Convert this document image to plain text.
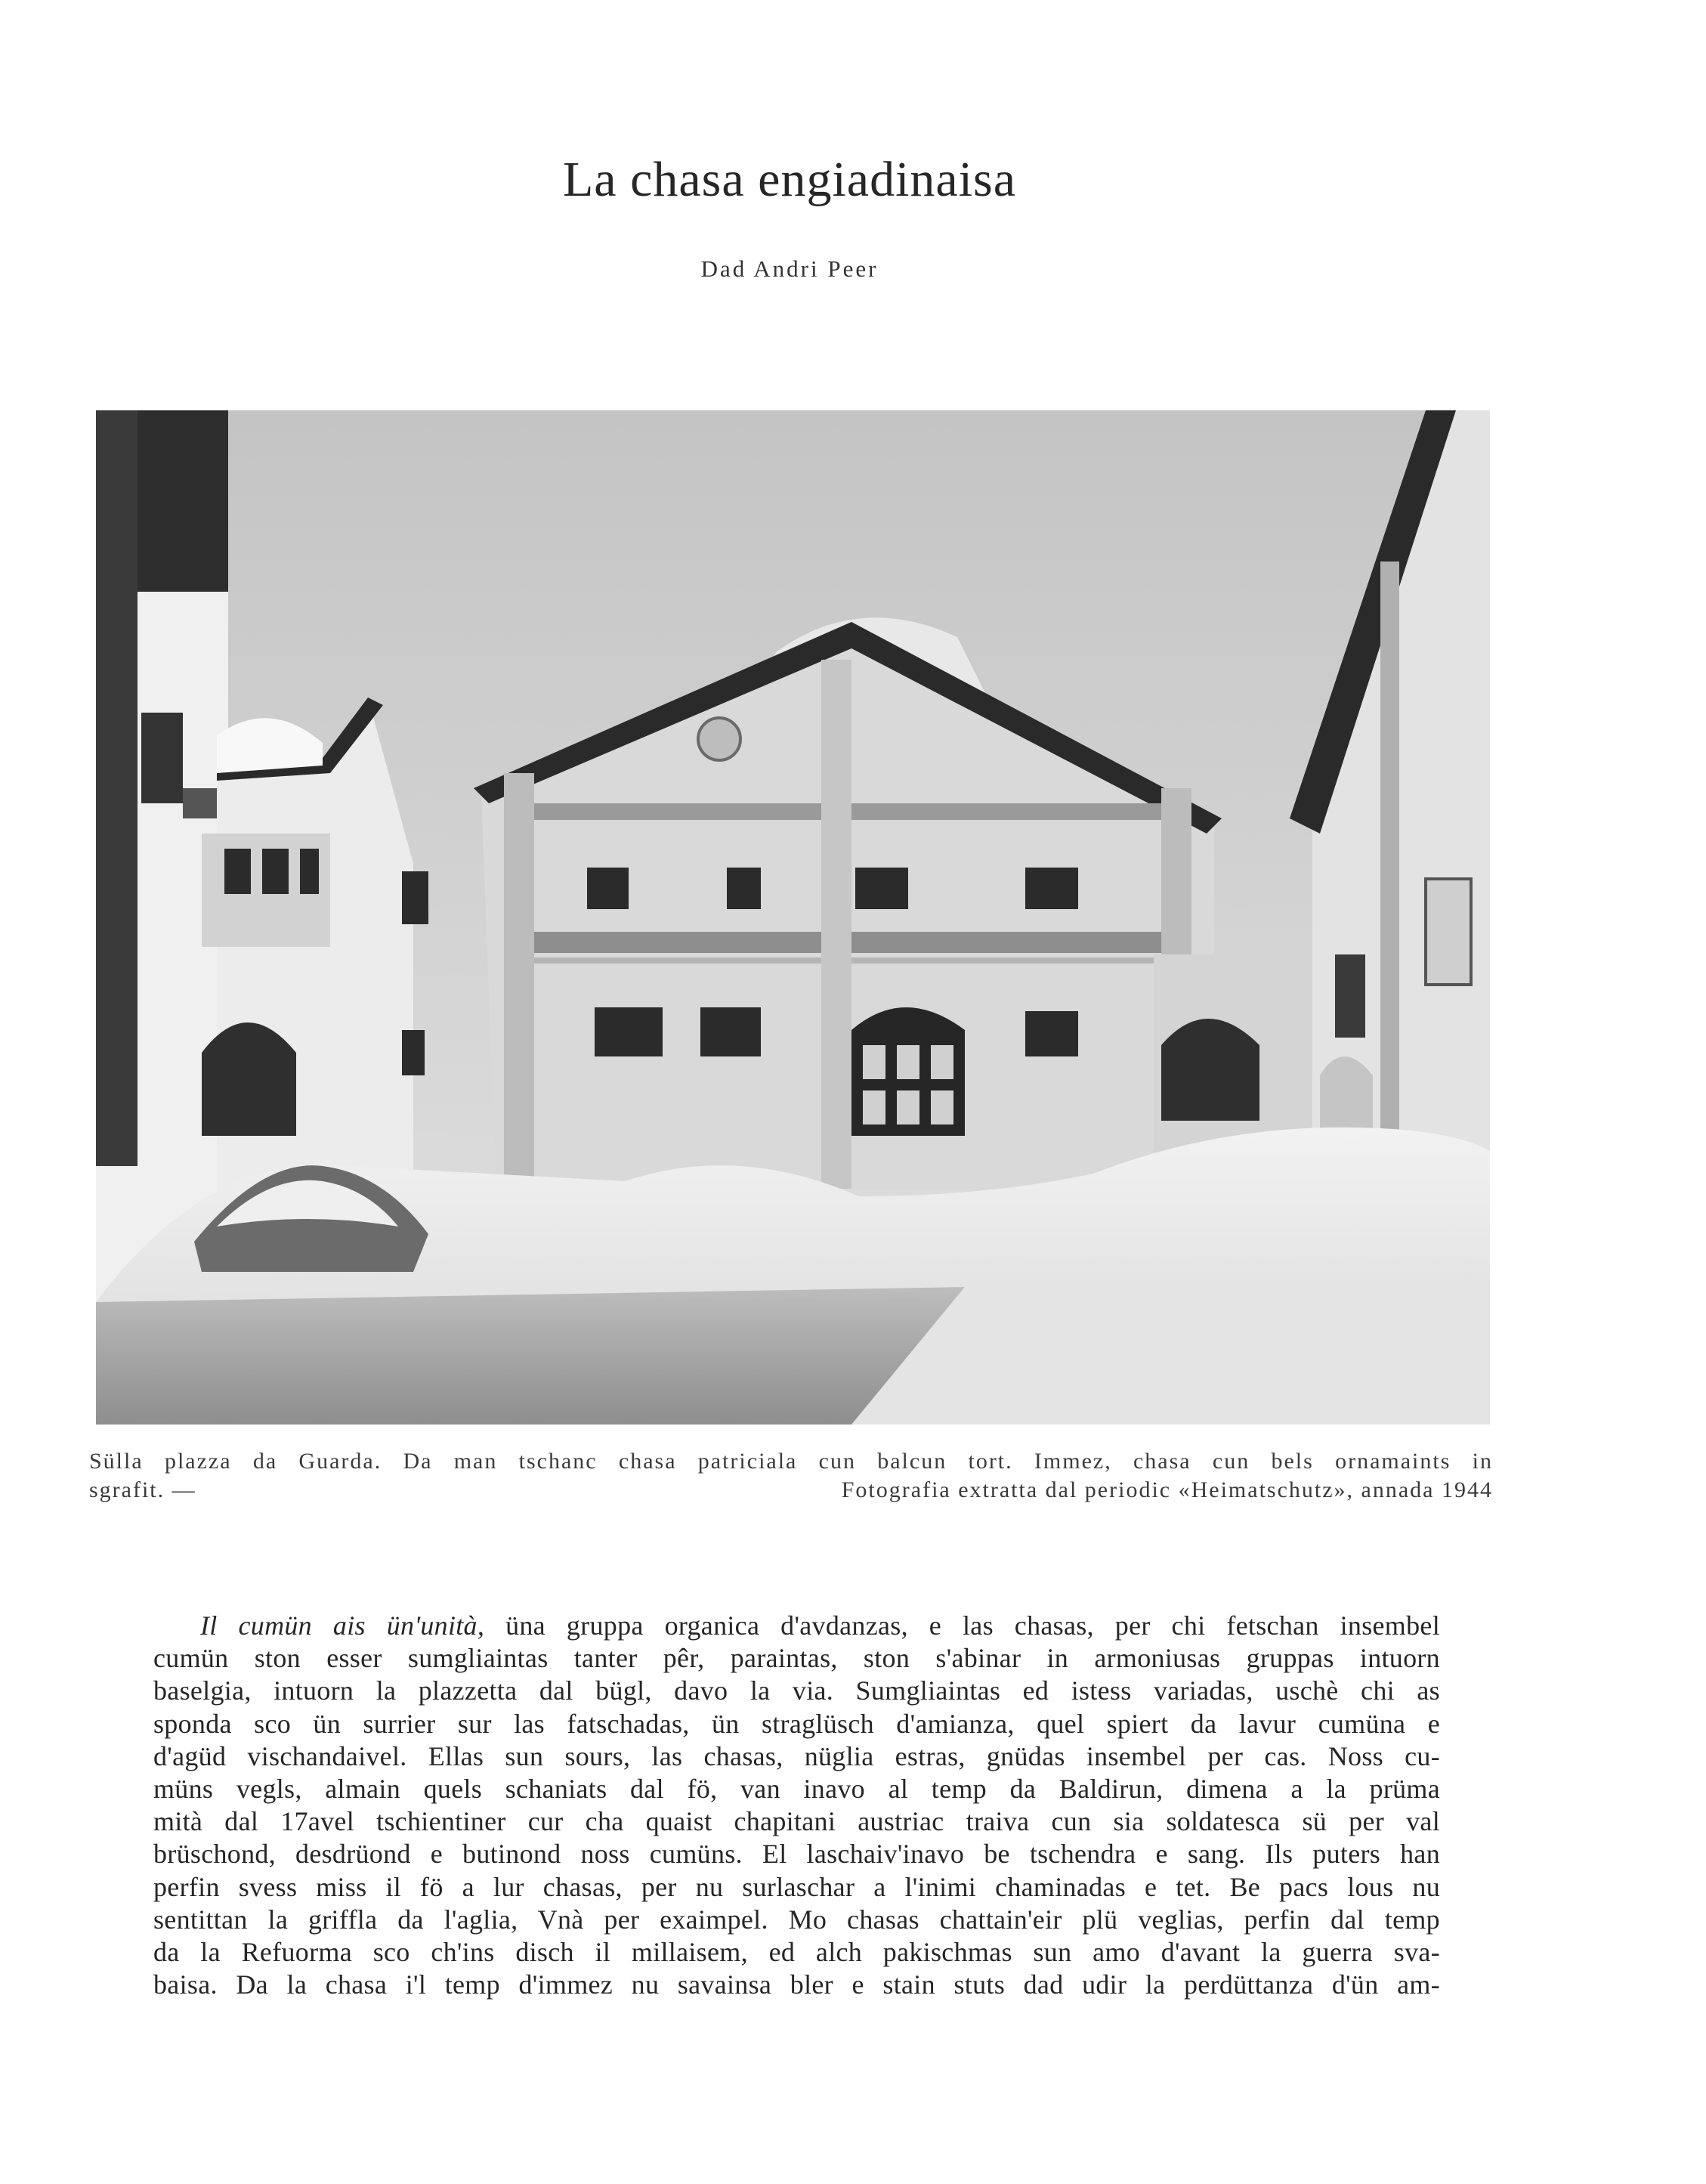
La chasa engiadinaisa
Dad Andri Peer
Sülla plazza da Guarda. Da man tschanc chasa patriciala cun balcun tort. Immez, chasa cun bels ornamaints in
sgrafit. —	Fotografia extratta dal periodic «Heimatschutz», annada 1944
Il cumün ais ün'unità, üna gruppa organica d'avdanzas, e las chasas, per chi fetschan insembel
cumün ston esser sumgliaintas tanter pêr, paraintas, ston s'abinar in armoniusas gruppas intuorn
baselgia, intuorn la plazzetta dal bügl, davo la via. Sumgliaintas ed istess variadas, uschè chi as
sponda sco ün surrier sur las fatschadas, ün straglüsch d'amianza, quel spiert da lavur cumüna e
d'agüd vischandaivel. Ellas sun sours, las chasas, nüglia estras, gnüdas insembel per cas. Noss cu-
müns vegls, almain quels schaniats dal fö, van inavo al temp da Baldirun, dimena a la prüma
mità dal 17avel tschientiner cur cha quaist chapitani austriac traiva cun sia soldatesca sü per val
brüschond, desdrüond e butinond noss cumüns. El laschaiv'inavo be tschendra e sang. Ils puters han
perfin svess miss il fö a lur chasas, per nu surlaschar a l'inimi chaminadas e tet. Be pacs lous nu
sentittan la griffla da l'aglia, Vnà per exaimpel. Mo chasas chattain'eir plü veglias, perfin dal temp
da la Refuorma sco ch'ins disch il millaisem, ed alch pakischmas sun amo d'avant la guerra sva-
baisa. Da la chasa i'l temp d'immez nu savainsa bler e stain stuts dad udir la perdüttanza d'ün am-
